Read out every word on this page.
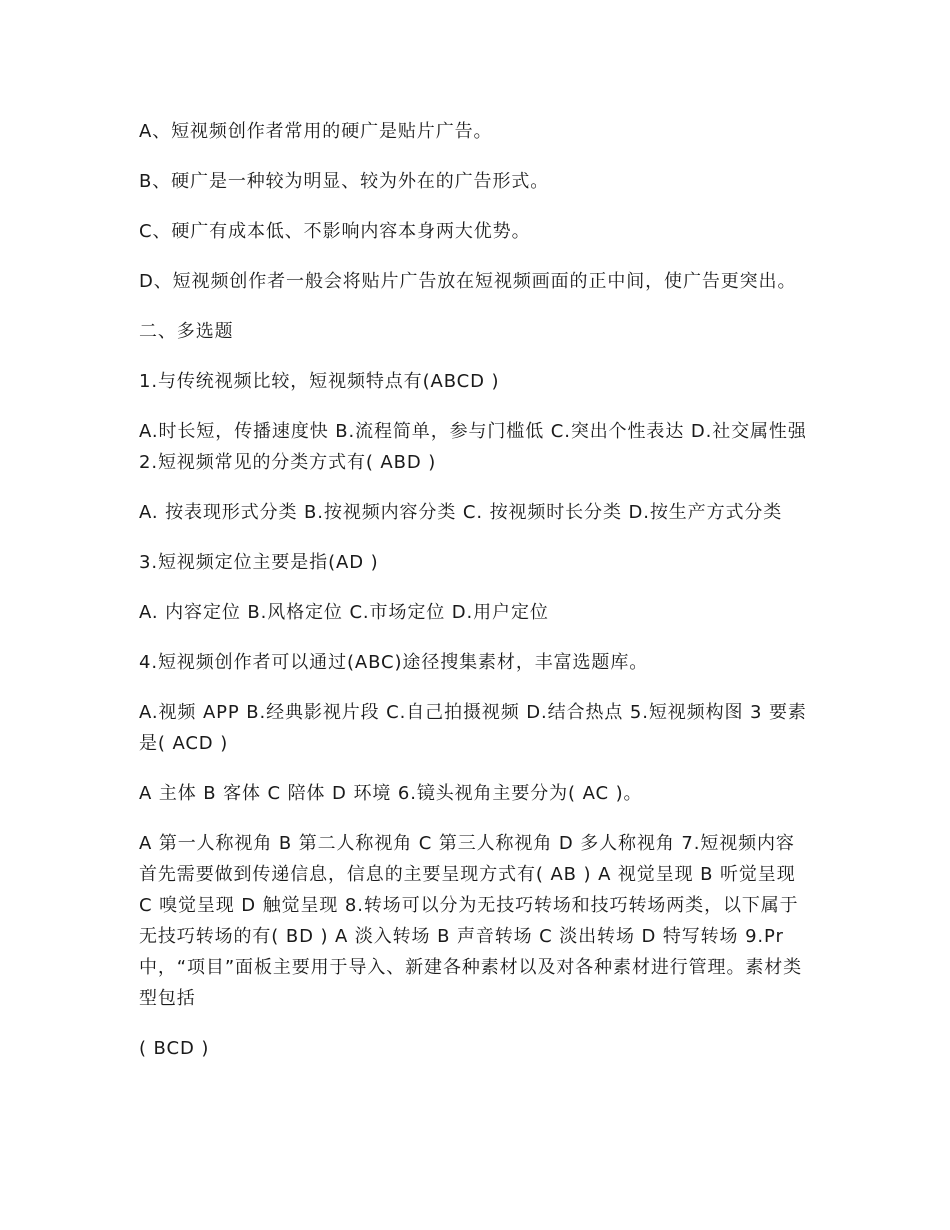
A、短视频创作者常用的硬广是贴片广告。

B、硬广是一种较为明显、较为外在的广告形式。

C、硬广有成本低、不影响内容本身两大优势。

D、短视频创作者一般会将贴片广告放在短视频画面的正中间，使广告更突出。

二、多选题

1.与传统视频比较，短视频特点有(ABCD )

A.时长短，传播速度快 B.流程简单，参与门槛低 C.突出个性表达 D.社交属性强 2.短视频常见的分类方式有( ABD )

A. 按表现形式分类 B.按视频内容分类 C. 按视频时长分类 D.按生产方式分类

3.短视频定位主要是指(AD )

A. 内容定位 B.风格定位 C.市场定位 D.用户定位

4.短视频创作者可以通过(ABC)途径搜集素材，丰富选题库。

A.视频 APP B.经典影视片段 C.自己拍摄视频 D.结合热点 5.短视频构图 3 要素是( ACD )

A 主体 B 客体 C 陪体 D 环境 6.镜头视角主要分为( AC )。

A 第一人称视角 B 第二人称视角 C 第三人称视角 D 多人称视角 7.短视频内容首先需要做到传递信息，信息的主要呈现方式有( AB ) A 视觉呈现 B 听觉呈现 C 嗅觉呈现 D 触觉呈现 8.转场可以分为无技巧转场和技巧转场两类，以下属于无技巧转场的有( BD ) A 淡入转场 B 声音转场 C 淡出转场 D 特写转场 9.Pr 中，“项目”面板主要用于导入、新建各种素材以及对各种素材进行管理。素材类型包括

( BCD )
